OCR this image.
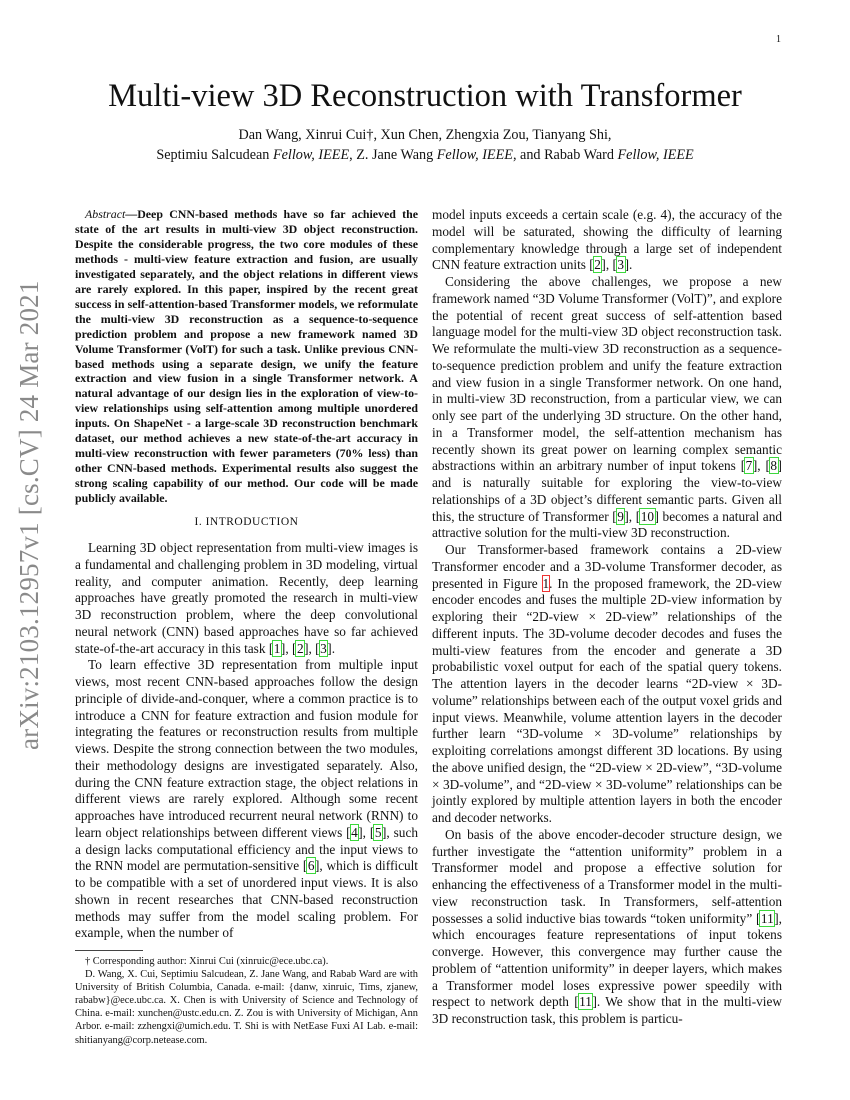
1
Multi-view 3D Reconstruction with Transformer
Dan Wang, Xinrui Cui†, Xun Chen, Zhengxia Zou, Tianyang Shi,
Septimiu Salcudean Fellow, IEEE, Z. Jane Wang Fellow, IEEE, and Rabab Ward Fellow, IEEE
arXiv:2103.12957v1 [cs.CV] 24 Mar 2021
Abstract—Deep CNN-based methods have so far achieved the state of the art results in multi-view 3D object reconstruction. Despite the considerable progress, the two core modules of these methods - multi-view feature extraction and fusion, are usually investigated separately, and the object relations in different views are rarely explored. In this paper, inspired by the recent great success in self-attention-based Transformer models, we reformulate the multi-view 3D reconstruction as a sequence-to-sequence prediction problem and propose a new framework named 3D Volume Transformer (VolT) for such a task. Unlike previous CNN-based methods using a separate design, we unify the feature extraction and view fusion in a single Transformer network. A natural advantage of our design lies in the exploration of view-to-view relationships using self-attention among multiple unordered inputs. On ShapeNet - a large-scale 3D reconstruction benchmark dataset, our method achieves a new state-of-the-art accuracy in multi-view reconstruction with fewer parameters (70% less) than other CNN-based methods. Experimental results also suggest the strong scaling capability of our method. Our code will be made publicly available.
I. INTRODUCTION

Learning 3D object representation from multi-view images is a fundamental and challenging problem in 3D modeling, virtual reality, and computer animation. Recently, deep learning approaches have greatly promoted the research in multi-view 3D reconstruction problem, where the deep convolutional neural network (CNN) based approaches have so far achieved state-of-the-art accuracy in this task [1], [2], [3].

To learn effective 3D representation from multiple input views, most recent CNN-based approaches follow the design principle of divide-and-conquer, where a common practice is to introduce a CNN for feature extraction and fusion module for integrating the features or reconstruction results from multiple views. Despite the strong connection between the two modules, their methodology designs are investigated separately. Also, during the CNN feature extraction stage, the object relations in different views are rarely explored. Although some recent approaches have introduced recurrent neural network (RNN) to learn object relationships between different views [4], [5], such a design lacks computational efficiency and the input views to the RNN model are permutation-sensitive [6], which is difficult to be compatible with a set of unordered input views. It is also shown in recent researches that CNN-based reconstruction methods may suffer from the model scaling problem. For example, when the number of

† Corresponding author: Xinrui Cui (xinruic@ece.ubc.ca).

D. Wang, X. Cui, Septimiu Salcudean, Z. Jane Wang, and Rabab Ward are with University of British Columbia, Canada. e-mail: {danw, xinruic, Tims, zjanew, rababw}@ece.ubc.ca. X. Chen is with University of Science and Technology of China. e-mail: xunchen@ustc.edu.cn. Z. Zou is with University of Michigan, Ann Arbor. e-mail: zzhengxi@umich.edu. T. Shi is with NetEase Fuxi AI Lab. e-mail: shitianyang@corp.netease.com.

model inputs exceeds a certain scale (e.g. 4), the accuracy of the model will be saturated, showing the difficulty of learning complementary knowledge through a large set of independent CNN feature extraction units [2], [3].

Considering the above challenges, we propose a new framework named “3D Volume Transformer (VolT)”, and explore the potential of recent great success of self-attention based language model for the multi-view 3D object reconstruction task. We reformulate the multi-view 3D reconstruction as a sequence-to-sequence prediction problem and unify the feature extraction and view fusion in a single Transformer network. On one hand, in multi-view 3D reconstruction, from a particular view, we can only see part of the underlying 3D structure. On the other hand, in a Transformer model, the self-attention mechanism has recently shown its great power on learning complex semantic abstractions within an arbitrary number of input tokens [7], [8] and is naturally suitable for exploring the view-to-view relationships of a 3D object’s different semantic parts. Given all this, the structure of Transformer [9], [10] becomes a natural and attractive solution for the multi-view 3D reconstruction.

Our Transformer-based framework contains a 2D-view Transformer encoder and a 3D-volume Transformer decoder, as presented in Figure 1. In the proposed framework, the 2D-view encoder encodes and fuses the multiple 2D-view information by exploring their “2D-view × 2D-view” relationships of the different inputs. The 3D-volume decoder decodes and fuses the multi-view features from the encoder and generate a 3D probabilistic voxel output for each of the spatial query tokens. The attention layers in the decoder learns “2D-view × 3D-volume” relationships between each of the output voxel grids and input views. Meanwhile, volume attention layers in the decoder further learn “3D-volume × 3D-volume” relationships by exploiting correlations amongst different 3D locations. By using the above unified design, the “2D-view × 2D-view”, “3D-volume × 3D-volume”, and “2D-view × 3D-volume” relationships can be jointly explored by multiple attention layers in both the encoder and decoder networks.

On basis of the above encoder-decoder structure design, we further investigate the “attention uniformity” problem in a Transformer model and propose a effective solution for enhancing the effectiveness of a Transformer model in the multi-view reconstruction task. In Transformers, self-attention possesses a solid inductive bias towards “token uniformity” [11], which encourages feature representations of input tokens converge. However, this convergence may further cause the problem of “attention uniformity” in deeper layers, which makes a Transformer model loses expressive power speedily with respect to network depth [11]. We show that in the multi-view 3D reconstruction task, this problem is particu-
